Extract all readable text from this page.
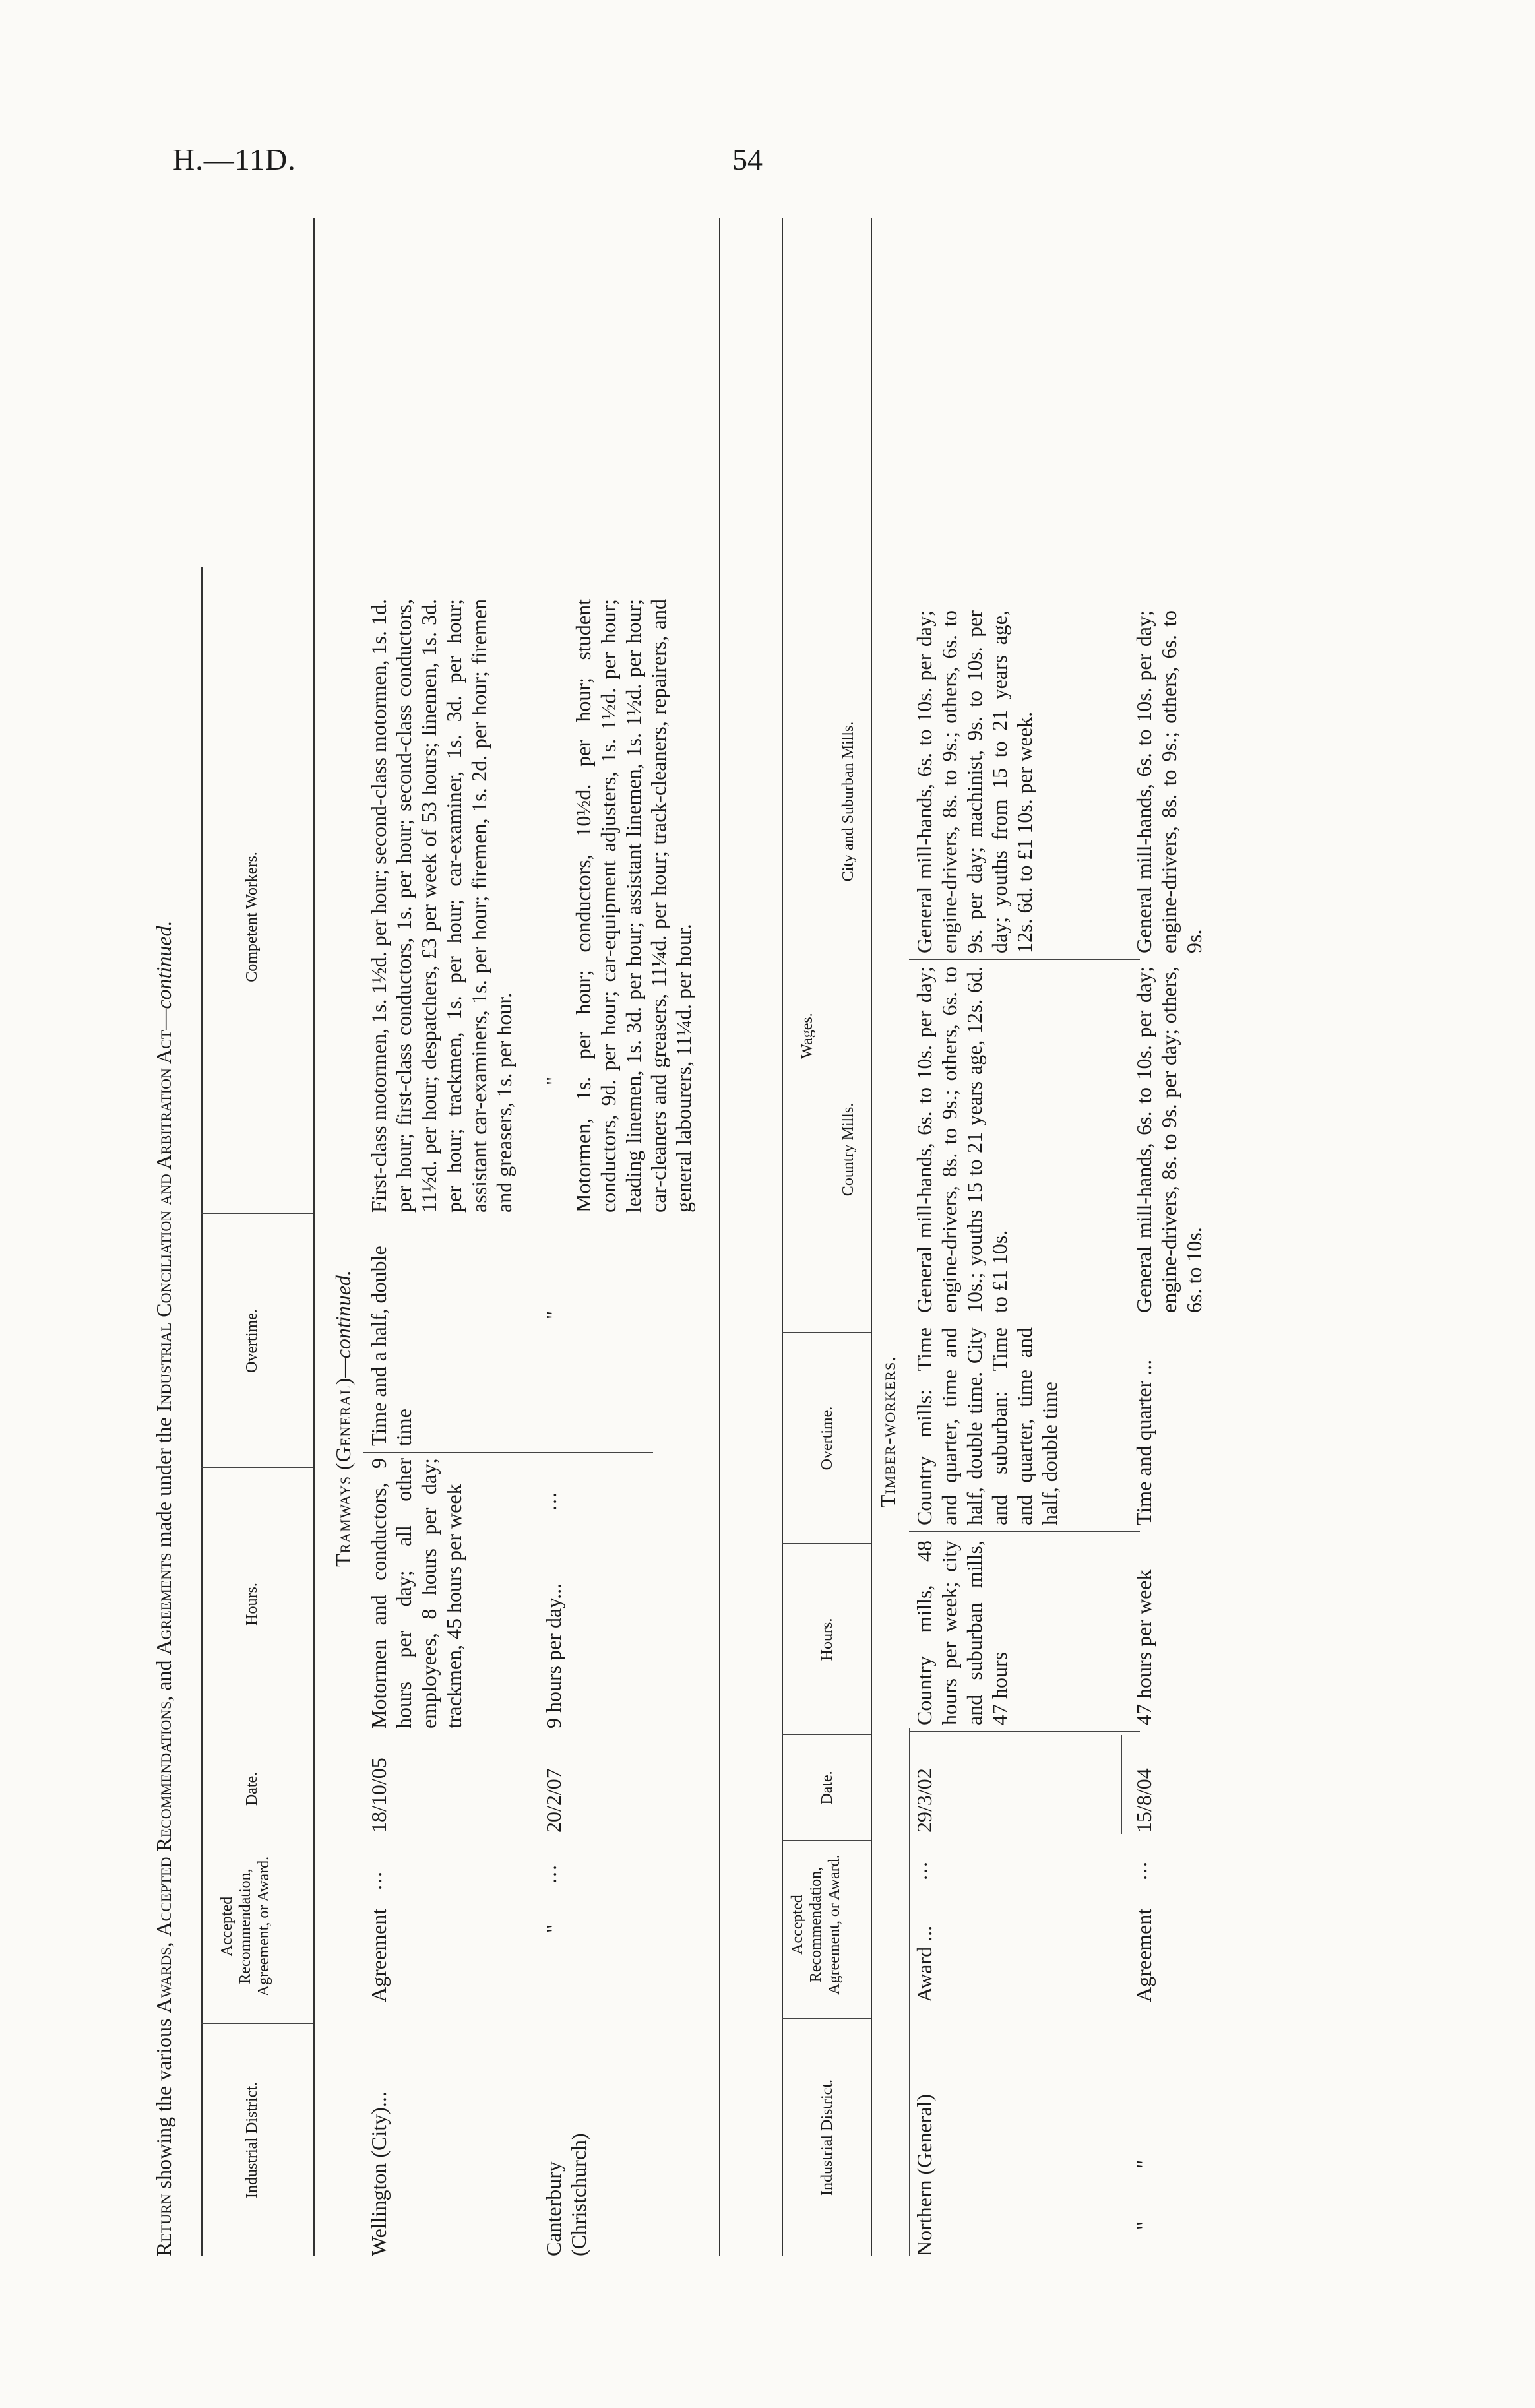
H.—11D.	54
Return showing the various Awards, Accepted Recommendations, and Agreements made under the Industrial Conciliation and Arbitration Act—continued.
Industrial District.
Accepted Recommendation, Agreement, or Award.
Date.
Hours.
Overtime.
Competent Workers.
Tramways (General)—continued.
Wellington (City)...
Agreement
...
18/10/05
Motormen and conductors, 9 hours per day; all other employees, 8 hours per day; trackmen, 45 hours per week
Time and a half, double time
First-class motormen, 1s. 1½d. per hour; second-class motormen, 1s. 1d. per hour; first-class conductors, 1s. per hour; second-class conductors, 11½d. per hour; despatchers, £3 per week of 53 hours; linemen, 1s. 3d. per hour; trackmen, 1s. per hour; car-examiner, 1s. 3d. per hour; assistant car-examiners, 1s. per hour; firemen, 1s. 2d. per hour; firemen and greasers, 1s. per hour.
Canterbury (Christchurch)
"
...
20/2/07
9 hours per day...
...
"
" Motormen, 1s. per hour; conductors, 10½d. per hour; student conductors, 9d. per hour; car-equipment adjusters, 1s. 1½d. per hour; leading linemen, 1s. 3d. per hour; assistant linemen, 1s. 1½d. per hour; car-cleaners and greasers, 11¼d. per hour; track-cleaners, repairers, and general labourers, 11¼d. per hour.
Industrial District.
Accepted Recommendation, Agreement, or Award.
Date.
Hours.
Overtime.
Wages.
Country Mills.
City and Suburban Mills.
Timber-workers.
Northern (General)
Award ...
...
29/3/02
Country mills, 48 hours per week; city and suburban mills, 47 hours
Country mills: Time and quarter, time and half, double time. City and suburban: Time and quarter, time and half, double time
General mill-hands, 6s. to 10s. per day; engine-drivers, 8s. to 9s.; others, 6s. to 10s.; youths 15 to 21 years age, 12s. 6d. to £1 10s.
General mill-hands, 6s. to 10s. per day; engine-drivers, 8s. to 9s.; others, 6s. to 9s. per day; machinist, 9s. to 10s. per day; youths from 15 to 21 years age, 12s. 6d. to £1 10s. per week.
"          "
Agreement
...
15/8/04
47 hours per week
Time and quarter ...
General mill-hands, 6s. to 10s. per day; engine-drivers, 8s. to 9s. per day; others, 6s. to 10s.
General mill-hands, 6s. to 10s. per day; engine-drivers, 8s. to 9s.; others, 6s. to 9s.
